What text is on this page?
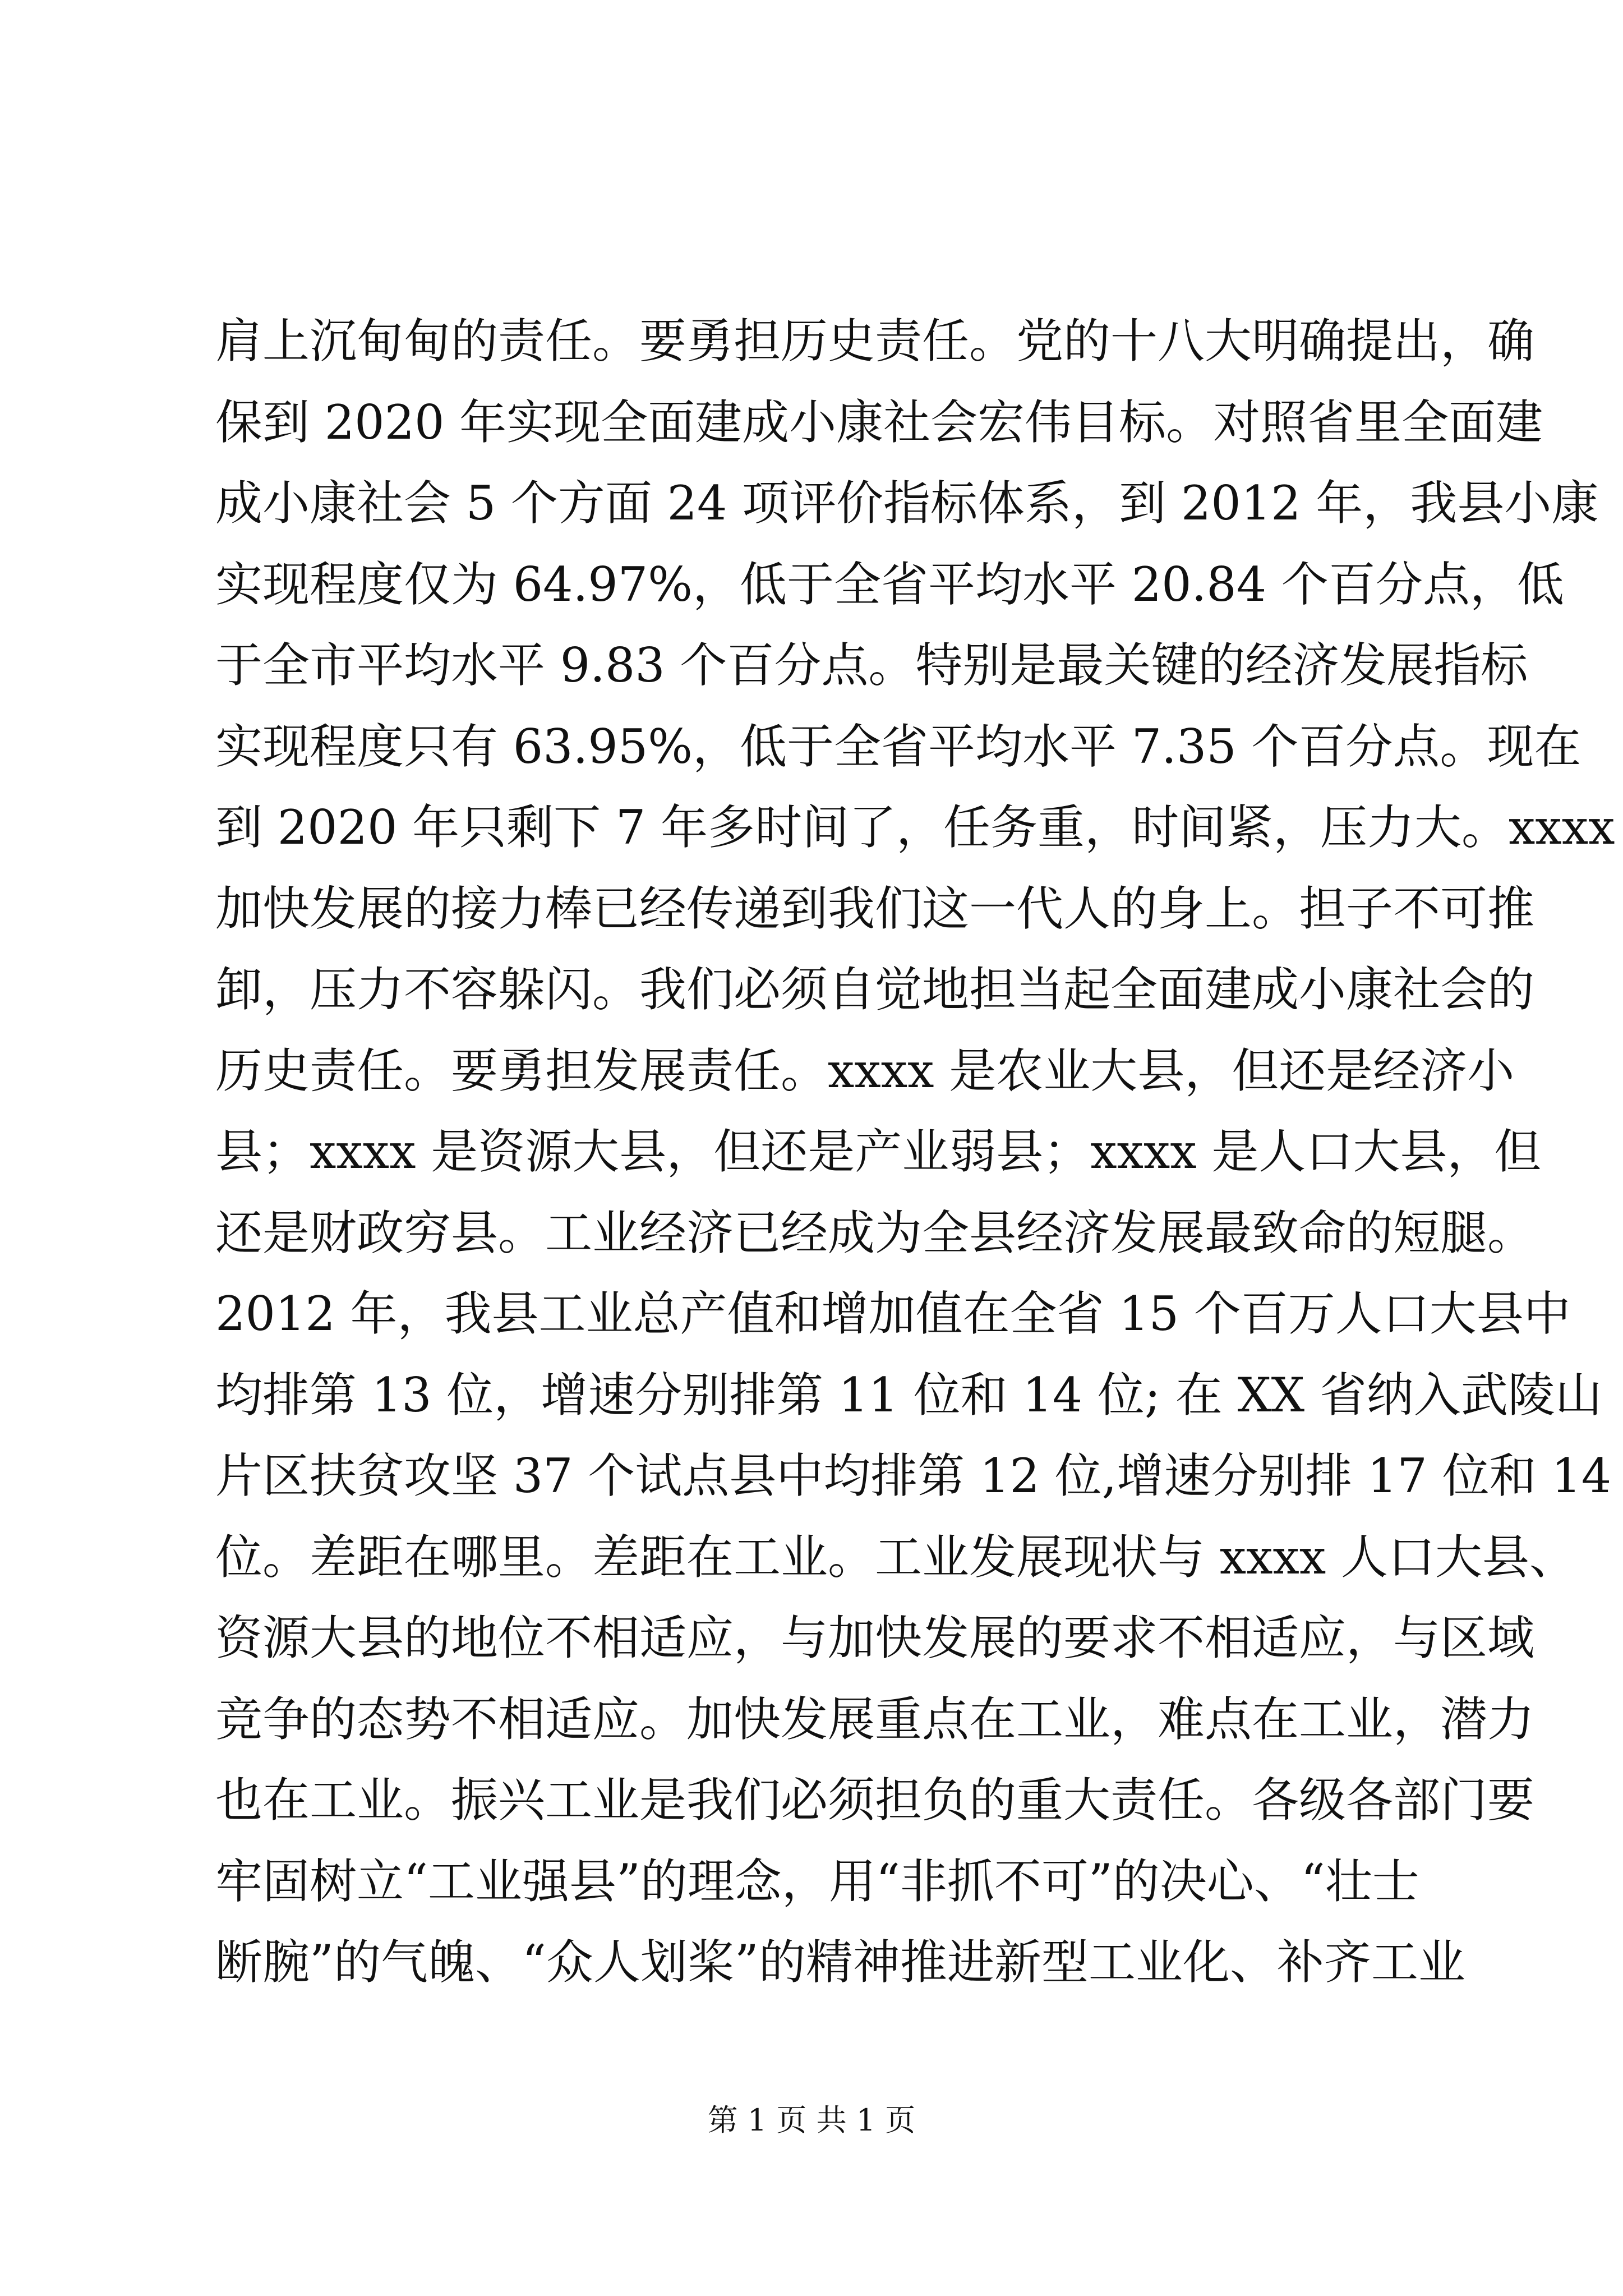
肩上沉甸甸的责任。要勇担历史责任。党的十八大明确提出，确
保到 2020 年实现全面建成小康社会宏伟目标。对照省里全面建
成小康社会 5 个方面 24 项评价指标体系，到 2012 年，我县小康
实现程度仅为 64.97%，低于全省平均水平 20.84 个百分点，低
于全市平均水平 9.83 个百分点。特别是最关键的经济发展指标
实现程度只有 63.95%，低于全省平均水平 7.35 个百分点。现在
到 2020 年只剩下 7 年多时间了，任务重，时间紧，压力大。xxxx
加快发展的接力棒已经传递到我们这一代人的身上。担子不可推
卸，压力不容躲闪。我们必须自觉地担当起全面建成小康社会的
历史责任。要勇担发展责任。xxxx 是农业大县，但还是经济小
县；xxxx 是资源大县，但还是产业弱县；xxxx 是人口大县，但
还是财政穷县。工业经济已经成为全县经济发展最致命的短腿。
2012 年，我县工业总产值和增加值在全省 15 个百万人口大县中
均排第 13 位，增速分别排第 11 位和 14 位; 在 XX 省纳入武陵山
片区扶贫攻坚 37 个试点县中均排第 12 位,增速分别排 17 位和 14
位。差距在哪里。差距在工业。工业发展现状与 xxxx 人口大县、
资源大县的地位不相适应，与加快发展的要求不相适应，与区域
竞争的态势不相适应。加快发展重点在工业，难点在工业，潜力
也在工业。振兴工业是我们必须担负的重大责任。各级各部门要
牢固树立“工业强县”的理念，用“非抓不可”的决心、“壮士
断腕”的气魄、“众人划桨”的精神推进新型工业化、补齐工业
第 1 页 共 1 页
